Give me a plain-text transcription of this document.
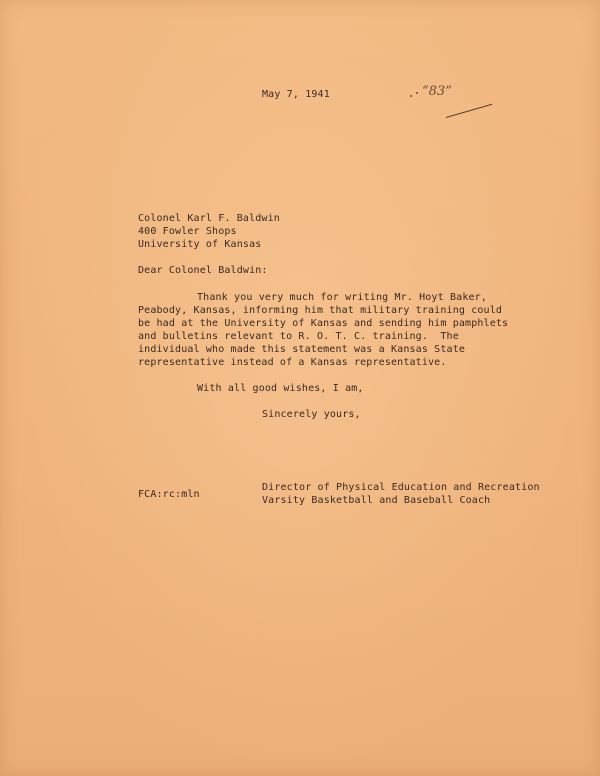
May 7, 1941	“83”
Colonel Karl F. Baldwin
400 Fowler Shops
University of Kansas
Dear Colonel Baldwin:
Thank you very much for writing Mr. Hoyt Baker,
Peabody, Kansas, informing him that military training could
be had at the University of Kansas and sending him pamphlets
and bulletins relevant to R. O. T. C. training.  The
individual who made this statement was a Kansas State
representative instead of a Kansas representative.
With all good wishes, I am,
Sincerely yours,
FCA:rc:mln
Director of Physical Education and Recreation
Varsity Basketball and Baseball Coach
